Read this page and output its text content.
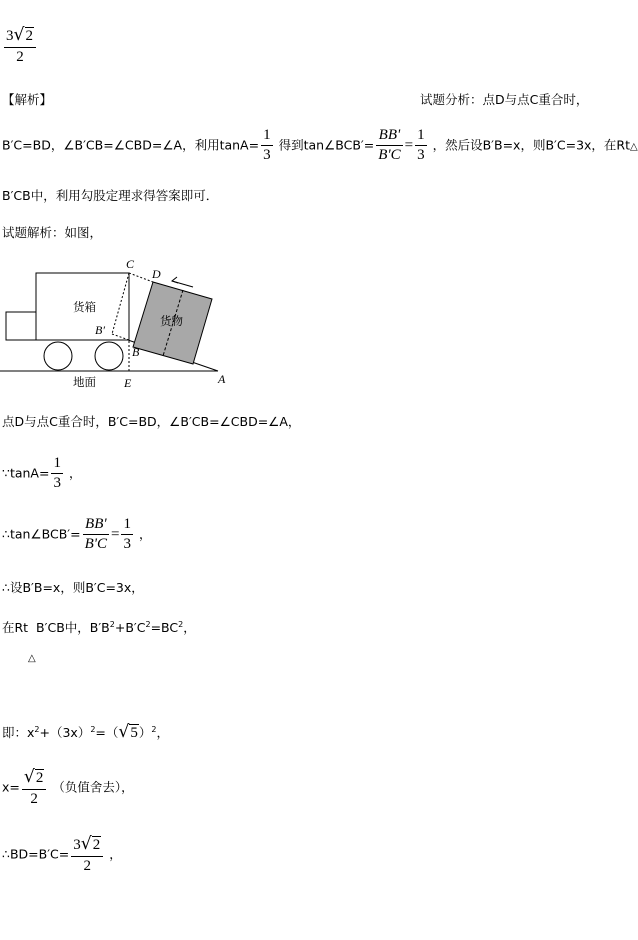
$\frac{3√2}{2}$
【解析】	试题分析：点D与点C重合时，
B′C=BD，∠B′CB=∠CBD=∠A，利用$\tan A= \frac{1}{3}$ 得到tan∠BCB′= $\frac{BB'}{B'C} = \frac{1}{3}$ ，然后设B′B=x，则B′C=3x，在Rt△
B′CB中，利用勾股定理求得答案即可．
试题解析：如图，
C
D
B′
B
E	A
货箱
货物
地面
点D与点C重合时，B′C=BD，∠B′CB=∠CBD=∠A，
∵tanA= $\frac{1}{3}$ ，
∴tan∠BCB′= $\frac{BB'}{B'C} = \frac{1}{3}$ ，
∴设B′B=x，则B′C=3x，
在Rt B′CB中，$B'B^2+B'C^2=BC^2$，
△
即：$x^2+(3x)^2=(√5)^2$，
$x= \frac{√2}{2}$ （负值舍去），
∴BD=B′C= $\frac{3√2}{2}$ ，
